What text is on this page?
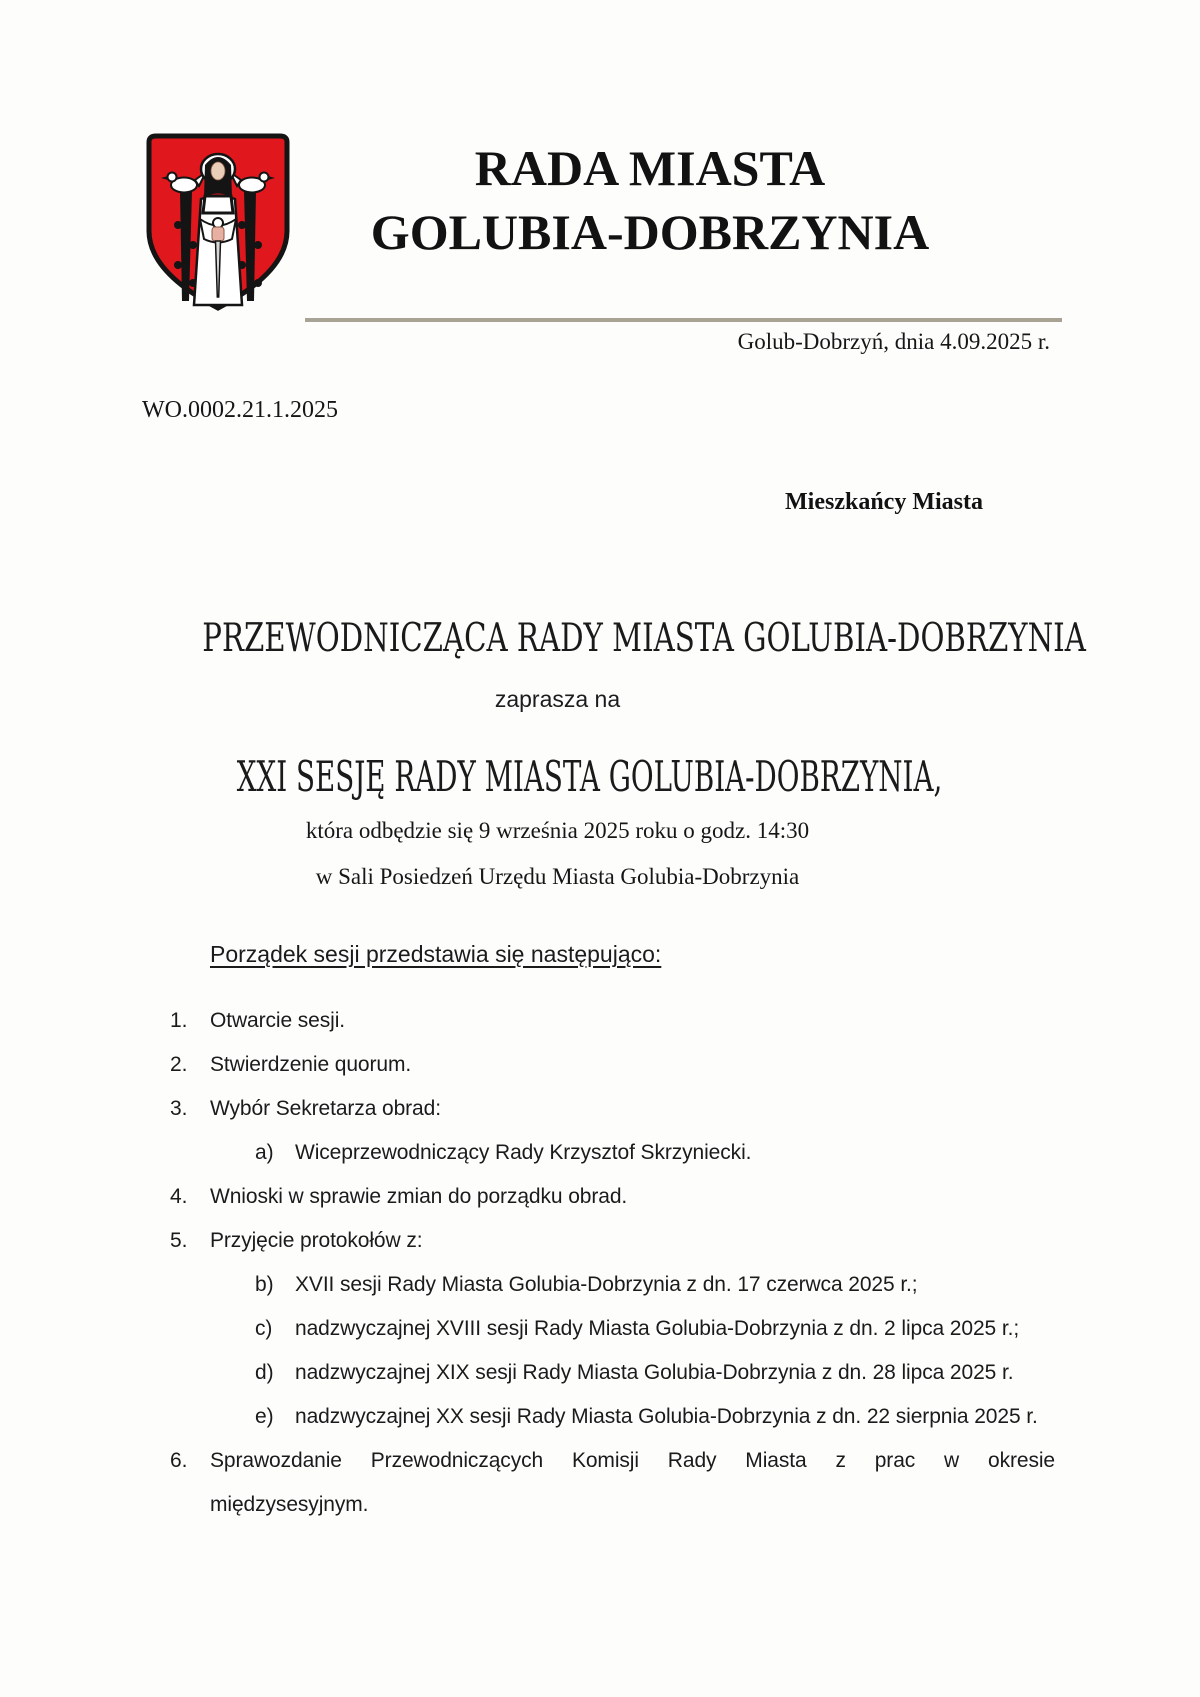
RADA MIASTA
GOLUBIA-DOBRZYNIA
Golub-Dobrzyń, dnia 4.09.2025 r.
WO.0002.21.1.2025
Mieszkańcy Miasta
PRZEWODNICZĄCA RADY MIASTA GOLUBIA-DOBRZYNIA
zaprasza na
XXI SESJĘ RADY MIASTA GOLUBIA-DOBRZYNIA,
która odbędzie się 9 września 2025 roku o godz. 14:30
w Sali Posiedzeń Urzędu Miasta Golubia-Dobrzynia
Porządek sesji przedstawia się następująco:
1. Otwarcie sesji.
2. Stwierdzenie quorum.
3. Wybór Sekretarza obrad:
a) Wiceprzewodniczący Rady Krzysztof Skrzyniecki.
4. Wnioski w sprawie zmian do porządku obrad.
5. Przyjęcie protokołów z:
b) XVII sesji Rady Miasta Golubia-Dobrzynia z dn. 17 czerwca 2025 r.;
c) nadzwyczajnej XVIII sesji Rady Miasta Golubia-Dobrzynia z dn. 2 lipca 2025 r.;
d) nadzwyczajnej XIX sesji Rady Miasta Golubia-Dobrzynia z dn. 28 lipca 2025 r.
e) nadzwyczajnej XX sesji Rady Miasta Golubia-Dobrzynia z dn. 22 sierpnia 2025 r.
6. Sprawozdanie Przewodniczących Komisji Rady Miasta z prac w okresie
międzysesyjnym.
